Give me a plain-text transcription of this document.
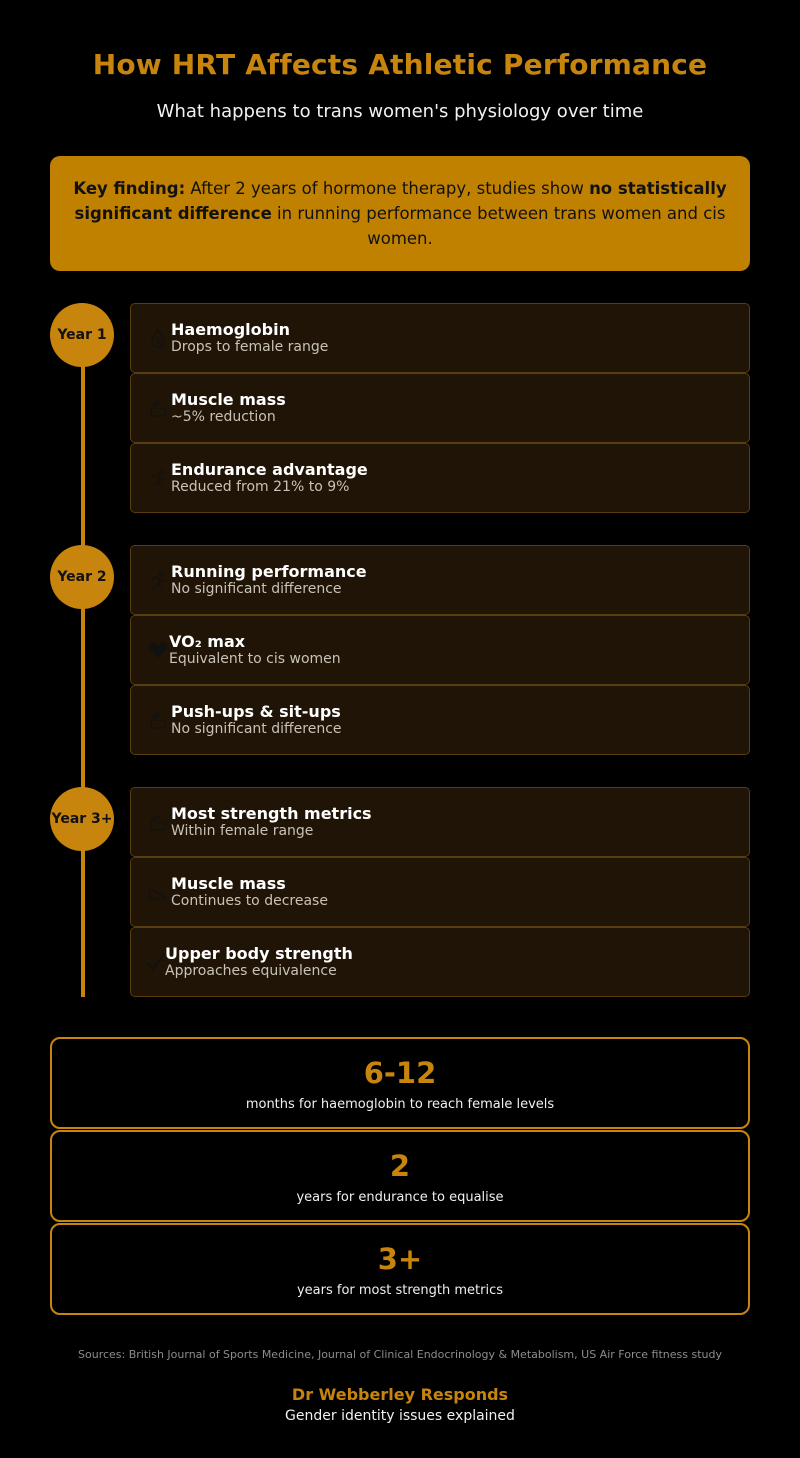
How HRT Affects Athletic Performance
What happens to trans women's physiology over time
Key finding: After 2 years of hormone therapy, studies show no statistically significant difference in running performance between trans women and cis women.
Year 1	Haemoglobin
Drops to female range
Muscle mass
~5% reduction
Endurance advantage
Reduced from 21% to 9%
Year 2	Running performance
No significant difference
VO₂ max
Equivalent to cis women
Push-ups & sit-ups
No significant difference
Year 3+	Most strength metrics
Within female range
Muscle mass
Continues to decrease
Upper body strength
Approaches equivalence
6-12
months for haemoglobin to reach female levels
2
years for endurance to equalise
3+
years for most strength metrics
Sources: British Journal of Sports Medicine, Journal of Clinical Endocrinology & Metabolism, US Air Force fitness study
Dr Webberley Responds
Gender identity issues explained
